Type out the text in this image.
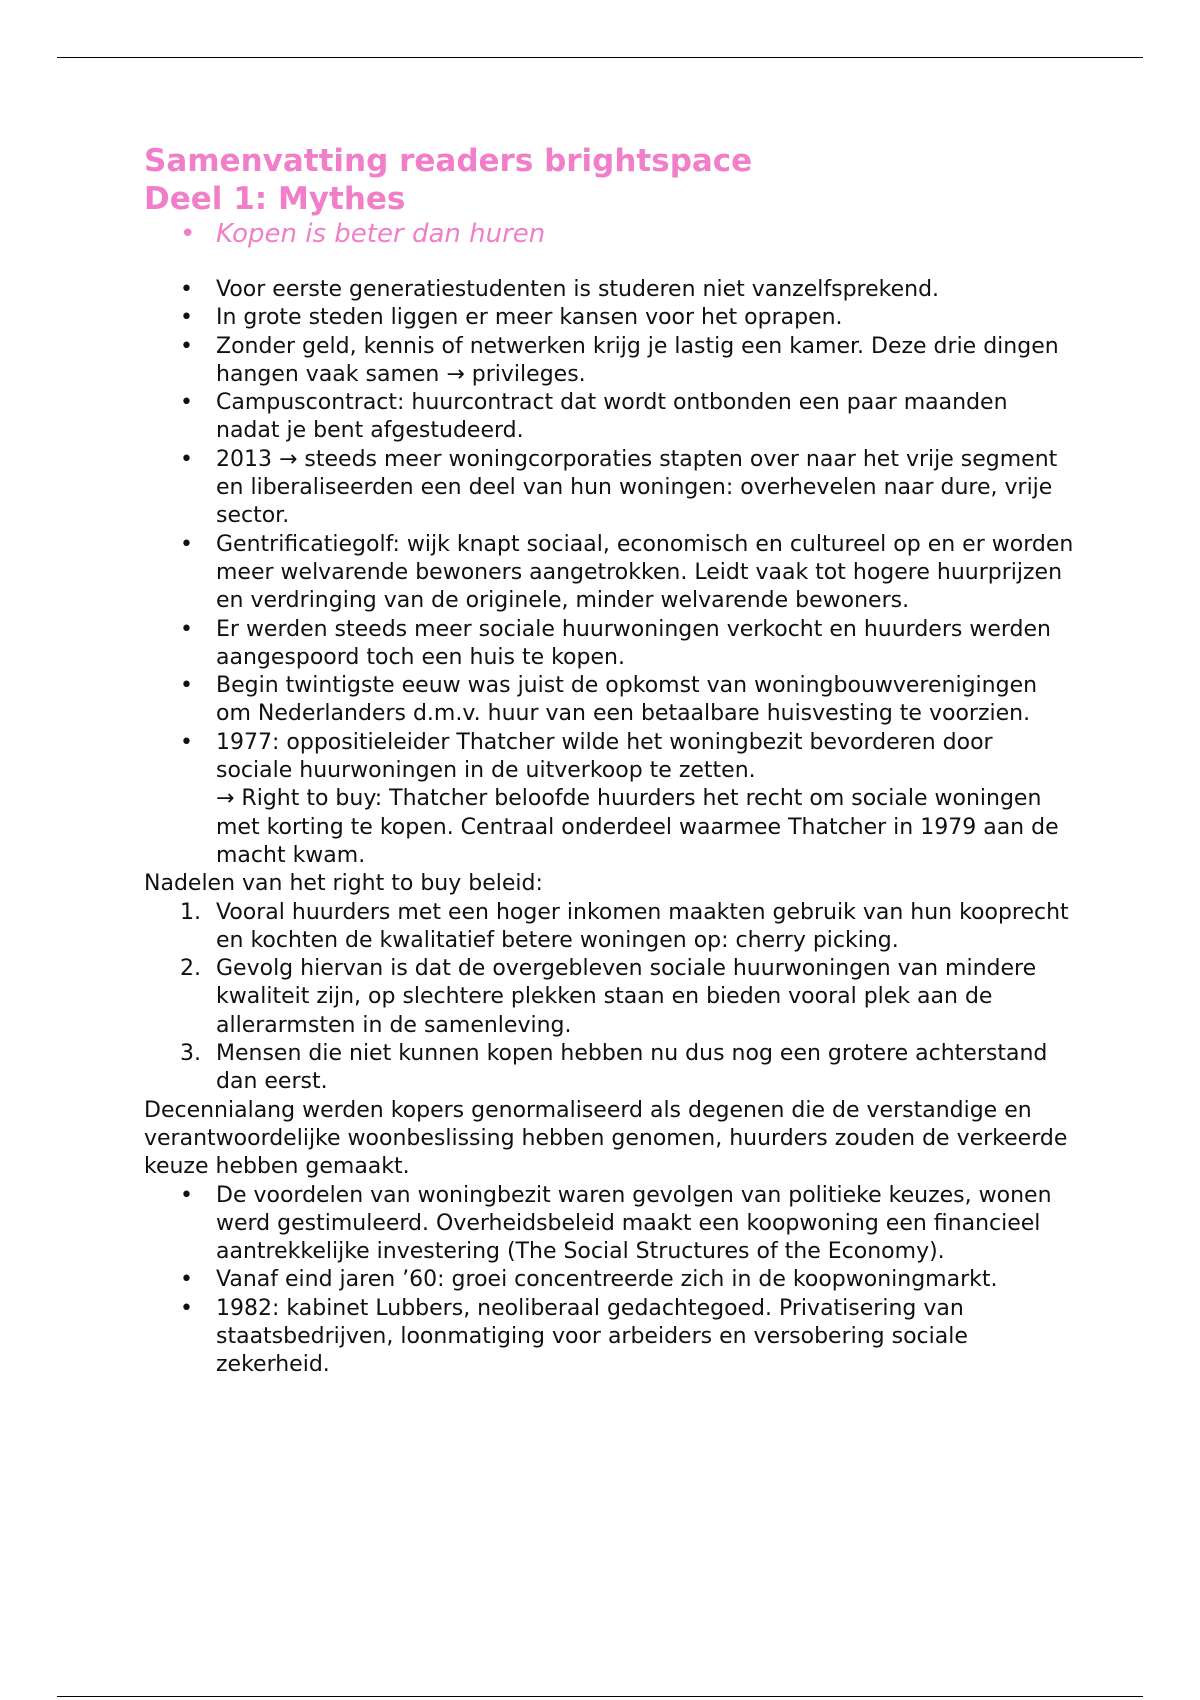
Samenvatting readers brightspace
Deel 1: Mythes
• Kopen is beter dan huren
• Voor eerste generatiestudenten is studeren niet vanzelfsprekend.
• In grote steden liggen er meer kansen voor het oprapen.
• Zonder geld, kennis of netwerken krijg je lastig een kamer. Deze drie dingen hangen vaak samen → privileges.
• Campuscontract: huurcontract dat wordt ontbonden een paar maanden nadat je bent afgestudeerd.
• 2013 → steeds meer woningcorporaties stapten over naar het vrije segment en liberaliseerden een deel van hun woningen: overhevelen naar dure, vrije sector.
• Gentrificatiegolf: wijk knapt sociaal, economisch en cultureel op en er worden meer welvarende bewoners aangetrokken. Leidt vaak tot hogere huurprijzen en verdringing van de originele, minder welvarende bewoners.
• Er werden steeds meer sociale huurwoningen verkocht en huurders werden aangespoord toch een huis te kopen.
• Begin twintigste eeuw was juist de opkomst van woningbouwverenigingen om Nederlanders d.m.v. huur van een betaalbare huisvesting te voorzien.
• 1977: oppositieleider Thatcher wilde het woningbezit bevorderen door sociale huurwoningen in de uitverkoop te zetten.
→ Right to buy: Thatcher beloofde huurders het recht om sociale woningen met korting te kopen. Centraal onderdeel waarmee Thatcher in 1979 aan de macht kwam.

Nadelen van het right to buy beleid:

1. Vooral huurders met een hoger inkomen maakten gebruik van hun kooprecht en kochten de kwalitatief betere woningen op: cherry picking.
2. Gevolg hiervan is dat de overgebleven sociale huurwoningen van mindere kwaliteit zijn, op slechtere plekken staan en bieden vooral plek aan de allerarmsten in de samenleving.
3. Mensen die niet kunnen kopen hebben nu dus nog een grotere achterstand dan eerst.

Decennialang werden kopers genormaliseerd als degenen die de verstandige en verantwoordelijke woonbeslissing hebben genomen, huurders zouden de verkeerde keuze hebben gemaakt.

• De voordelen van woningbezit waren gevolgen van politieke keuzes, wonen werd gestimuleerd. Overheidsbeleid maakt een koopwoning een financieel aantrekkelijke investering (The Social Structures of the Economy).
• Vanaf eind jaren ’60: groei concentreerde zich in de koopwoningmarkt.
• 1982: kabinet Lubbers, neoliberaal gedachtegoed. Privatisering van staatsbedrijven, loonmatiging voor arbeiders en versobering sociale zekerheid.
